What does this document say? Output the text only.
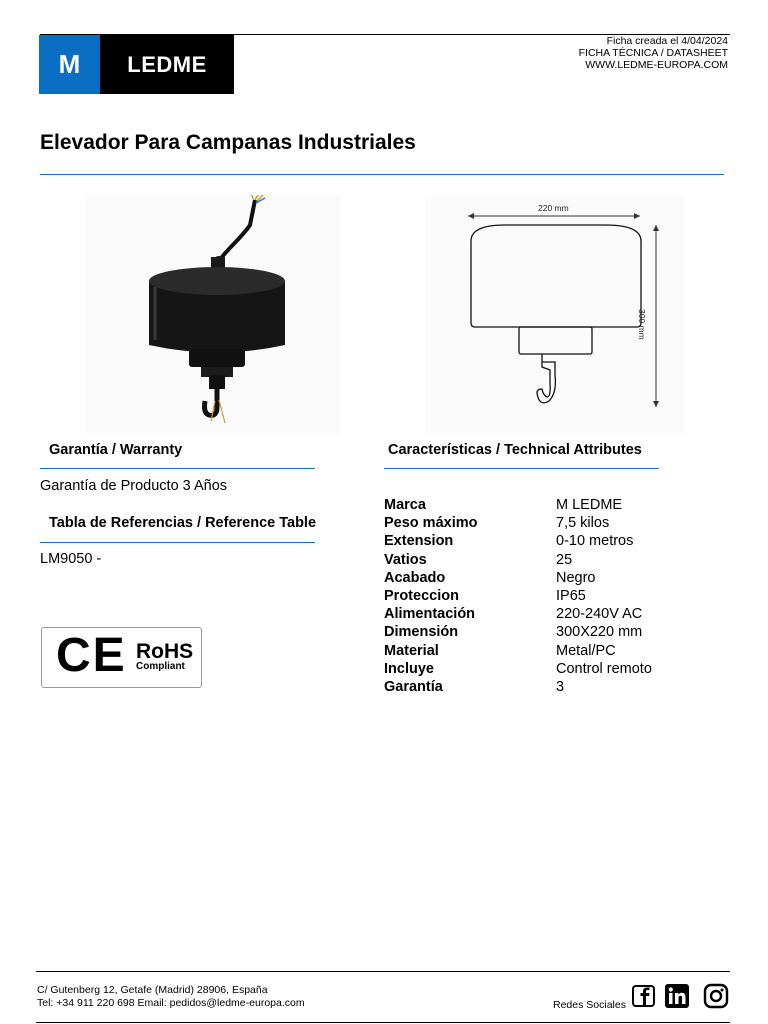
M LEDME
Ficha creada el 4/04/2024
FICHA TÉCNICA / DATASHEET
WWW.LEDME-EUROPA.COM
Elevador Para Campanas Industriales
220 mm
300 mm
Garantía / Warranty
Garantía de Producto 3 Años
Tabla de Referencias / Reference Table
LM9050 -
CE RoHS
Compliant
Características / Technical Attributes
Marca	M LEDME
Peso máximo	7,5 kilos
Extension	0-10 metros
Vatios	25
Acabado	Negro
Proteccion	IP65
Alimentación	220-240V AC
Dimensión	300X220 mm
Material	Metal/PC
Incluye	Control remoto
Garantía	3
C/ Gutenberg 12, Getafe (Madrid) 28906, España
Tel: +34 911 220 698 Email: pedidos@ledme-europa.com	Redes Sociales
